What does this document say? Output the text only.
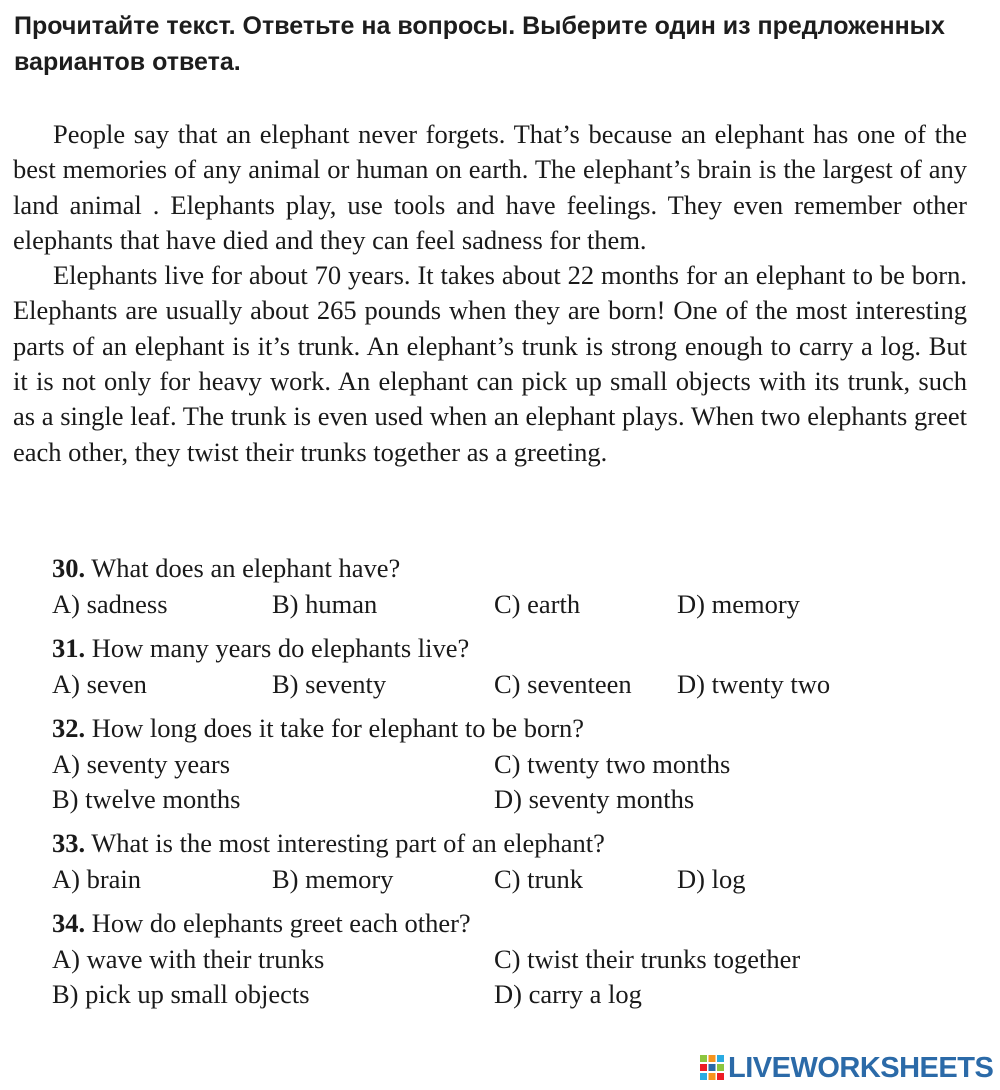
Прочитайте текст. Ответьте на вопросы. Выберите один из предложенных вариантов ответа.

People say that an elephant never forgets. That’s because an elephant has one of the best memories of any animal or human on earth. The elephant’s brain is the largest of any land animal . Elephants play, use tools and have feelings. They even remember other elephants that have died and they can feel sadness for them.

Elephants live for about 70 years. It takes about 22 months for an elephant to be born. Elephants are usually about 265 pounds when they are born! One of the most interesting parts of an elephant is it’s trunk. An elephant’s trunk is strong enough to carry a log. But it is not only for heavy work. An elephant can pick up small objects with its trunk, such as a single leaf. The trunk is even used when an elephant plays. When two elephants greet each other, they twist their trunks together as a greeting.

30. What does an elephant have?
A) sadness	B) human	C) earth	D) memory
31. How many years do elephants live?
A) seven	B) seventy	C) seventeen D) twenty two
32. How long does it take for elephant to be born?
A) seventy years	C) twenty two months
B) twelve months	D) seventy months
33. What is the most interesting part of an elephant?
A) brain	B) memory	C) trunk	D) log
34. How do elephants greet each other?
A) wave with their trunks	C) twist their trunks together
B) pick up small objects	D) carry a log
LIVEWORKSHEETS
